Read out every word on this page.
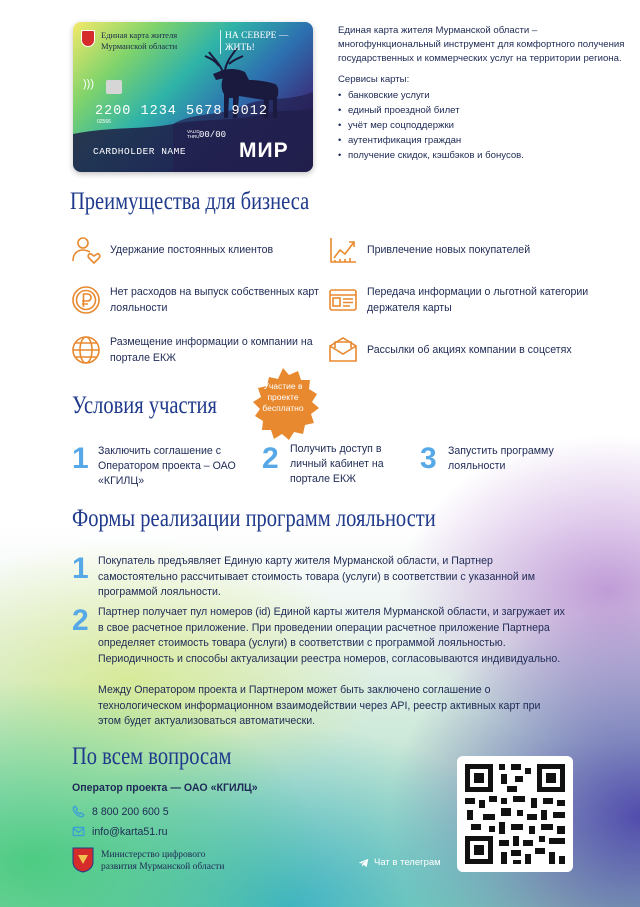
Единая карта жителя Мурманской области
НА СЕВЕРЕ — ЖИТЬ!
)))
2200 1234 5678 9012
02566
VALID THRU 00/00
CARDHOLDER NAME	МИР

Единая карта жителя Мурманской области – многофункциональный инструмент для комфортного получения государственных и коммерческих услуг на территории региона.

Сервисы карты:
• банковские услуги
• единый проездной билет
• учёт мер соцподдержки
• аутентификация граждан
• получение скидок, кэшбэков и бонусов.
Преимущества для бизнеса
Удержание постоянных клиентов	Привлечение новых покупателей
Нет расходов на выпуск собственных карт лояльности
Передача информации о льготной категории держателя карты
Размещение информации о компании на портале ЕКЖ
Рассылки об акциях компании в соцсетях
Условия участия
Участие в проекте бесплатно
1 Заключить соглашение с Оператором проекта – ОАО «КГИЛЦ»
2 Получить доступ в личный кабинет на портале ЕКЖ
3 Запустить программу лояльности
Формы реализации программ лояльности
1 Покупатель предъявляет Единую карту жителя Мурманской области, и Партнер самостоятельно рассчитывает стоимость товара (услуги) в соответствии с указанной им программой лояльности.
2 Партнер получает пул номеров (id) Единой карты жителя Мурманской области, и загружает их в свое расчетное приложение. При проведении операции расчетное приложение Партнера определяет стоимость товара (услуги) в соответствии с программой лояльностью. Периодичность и способы актуализации реестра номеров, согласовываются индивидуально.
Между Оператором проекта и Партнером может быть заключено соглашение о технологическом информационном взаимодействии через API, реестр активных карт при этом будет актуализоваться автоматически.
По всем вопросам
Оператор проекта — ОАО «КГИЛЦ»
8 800 200 600 5
info@karta51.ru
Министерство цифрового развития Мурманской области	Чат в телеграм
